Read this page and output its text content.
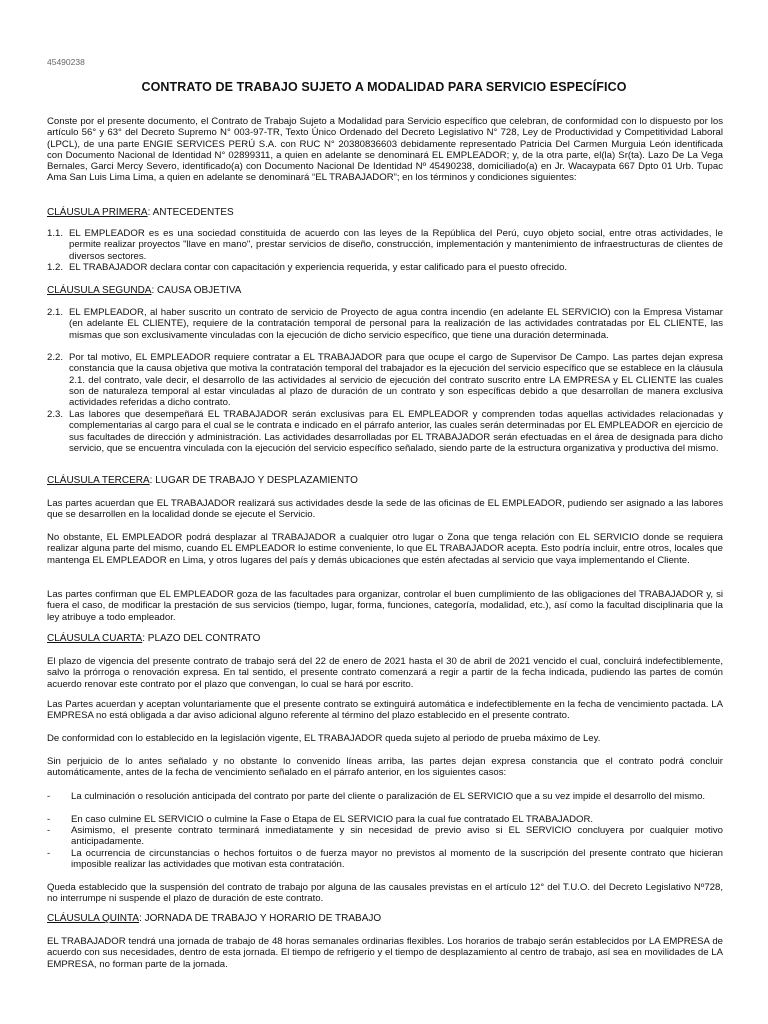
45490238
CONTRATO DE TRABAJO SUJETO A MODALIDAD PARA SERVICIO ESPECÍFICO
Conste por el presente documento, el Contrato de Trabajo Sujeto a Modalidad para Servicio específico que celebran, de conformidad con lo dispuesto por los artículo 56° y 63° del Decreto Supremo N° 003-97-TR, Texto Único Ordenado del Decreto Legislativo N° 728, Ley de Productividad y Competitividad Laboral (LPCL), de una parte ENGIE SERVICES PERÚ S.A. con RUC N° 20380836603 debidamente representado Patricia Del Carmen Murguia León identificada con Documento Nacional de Identidad N° 02899311, a quien en adelante se denominará EL EMPLEADOR; y, de la otra parte, el(la) Sr(ta). Lazo De La Vega Bernales, Garci Mercy Severo, identificado(a) con Documento Nacional De Identidad Nº 45490238, domiciliado(a) en Jr. Wacaypata 667 Dpto 01 Urb. Tupac Ama San Luis Lima Lima, a quien en adelante se denominará “EL TRABAJADOR”; en los términos y condiciones siguientes:
CLÁUSULA PRIMERA: ANTECEDENTES
1.1. EL EMPLEADOR es es una sociedad constituida de acuerdo con las leyes de la República del Perú, cuyo objeto social, entre otras actividades, le permite realizar proyectos "llave en mano", prestar servicios de diseño, construcción, implementación y mantenimiento de infraestructuras de clientes de diversos sectores.
1.2. EL TRABAJADOR declara contar con capacitación y experiencia requerida, y estar calificado para el puesto ofrecido.
CLÁUSULA SEGUNDA: CAUSA OBJETIVA
2.1. EL EMPLEADOR, al haber suscrito un contrato de servicio de Proyecto de agua contra incendio (en adelante EL SERVICIO) con la Empresa Vistamar (en adelante EL CLIENTE), requiere de la contratación temporal de personal para la realización de las actividades contratadas por EL CLIENTE, las mismas que son exclusivamente vinculadas con la ejecución de dicho servicio específico, que tiene una duración determinada.
2.2. Por tal motivo, EL EMPLEADOR requiere contratar a EL TRABAJADOR para que ocupe el cargo de Supervisor De Campo. Las partes dejan expresa constancia que la causa objetiva que motiva la contratación temporal del trabajador es la ejecución del servicio específico que se establece en la cláusula 2.1. del contrato, vale decir, el desarrollo de las actividades al servicio de ejecución del contrato suscrito entre LA EMPRESA y EL CLIENTE las cuales son de naturaleza temporal al estar vinculadas al plazo de duración de un contrato y son específicas debido a que desarrollan de manera exclusiva actividades referidas a dicho contrato.
2.3. Las labores que desempeñará EL TRABAJADOR serán exclusivas para EL EMPLEADOR y comprenden todas aquellas actividades relacionadas y complementarias al cargo para el cual se le contrata e indicado en el párrafo anterior, las cuales serán determinadas por EL EMPLEADOR en ejercicio de sus facultades de dirección y administración. Las actividades desarrolladas por EL TRABAJADOR serán efectuadas en el área de designada para dicho servicio, que se encuentra vinculada con la ejecución del servicio específico señalado, siendo parte de la estructura organizativa y productiva del mismo.
CLÁUSULA TERCERA: LUGAR DE TRABAJO Y DESPLAZAMIENTO
Las partes acuerdan que EL TRABAJADOR realizará sus actividades desde la sede de las oficinas de EL EMPLEADOR, pudiendo ser asignado a las labores que se desarrollen en la localidad donde se ejecute el Servicio.
No obstante, EL EMPLEADOR podrá desplazar al TRABAJADOR a cualquier otro lugar o Zona que tenga relación con EL SERVICIO donde se requiera realizar alguna parte del mismo, cuando EL EMPLEADOR lo estime conveniente, lo que EL TRABAJADOR acepta. Esto podría incluir, entre otros, locales que mantenga EL EMPLEADOR en Lima, y otros lugares del país y demás ubicaciones que estén afectadas al servicio que vaya implementando el Cliente.
Las partes confirman que EL EMPLEADOR goza de las facultades para organizar, controlar el buen cumplimiento de las obligaciones del TRABAJADOR y, si fuera el caso, de modificar la prestación de sus servicios (tiempo, lugar, forma, funciones, categoría, modalidad, etc.), así como la facultad disciplinaria que la ley atribuye a todo empleador.
CLÁUSULA CUARTA: PLAZO DEL CONTRATO
El plazo de vigencia del presente contrato de trabajo será del 22 de enero de 2021 hasta el 30 de abril de 2021 vencido el cual, concluirá indefectiblemente, salvo la prórroga o renovación expresa. En tal sentido, el presente contrato comenzará a regir a partir de la fecha indicada, pudiendo las partes de común acuerdo renovar este contrato por el plazo que convengan, lo cual se hará por escrito.
Las Partes acuerdan y aceptan voluntariamente que el presente contrato se extinguirá automática e indefectiblemente en la fecha de vencimiento pactada. LA EMPRESA no está obligada a dar aviso adicional alguno referente al término del plazo establecido en el presente contrato.
De conformidad con lo establecido en la legislación vigente, EL TRABAJADOR queda sujeto al periodo de prueba máximo de Ley.
Sin perjuicio de lo antes señalado y no obstante lo convenido líneas arriba, las partes dejan expresa constancia que el contrato podrá concluir automáticamente, antes de la fecha de vencimiento señalado en el párrafo anterior, en los siguientes casos:
- La culminación o resolución anticipada del contrato por parte del cliente o paralización de EL SERVICIO que a su vez impide el desarrollo del mismo.
- En caso culmine EL SERVICIO o culmine la Fase o Etapa de EL SERVICIO para la cual fue contratado EL TRABAJADOR.
- Asimismo, el presente contrato terminará inmediatamente y sin necesidad de previo aviso si EL SERVICIO concluyera por cualquier motivo anticipadamente.
- La ocurrencia de circunstancias o hechos fortuitos o de fuerza mayor no previstos al momento de la suscripción del presente contrato que hicieran imposible realizar las actividades que motivan esta contratación.
Queda establecido que la suspensión del contrato de trabajo por alguna de las causales previstas en el artículo 12° del T.U.O. del Decreto Legislativo Nº728, no interrumpe ni suspende el plazo de duración de este contrato.
CLÁUSULA QUINTA: JORNADA DE TRABAJO Y HORARIO DE TRABAJO
EL TRABAJADOR tendrá una jornada de trabajo de 48 horas semanales ordinarias flexibles. Los horarios de trabajo serán establecidos por LA EMPRESA de acuerdo con sus necesidades, dentro de esta jornada. El tiempo de refrigerio y el tiempo de desplazamiento al centro de trabajo, así sea en movilidades de LA EMPRESA, no forman parte de la jornada.
